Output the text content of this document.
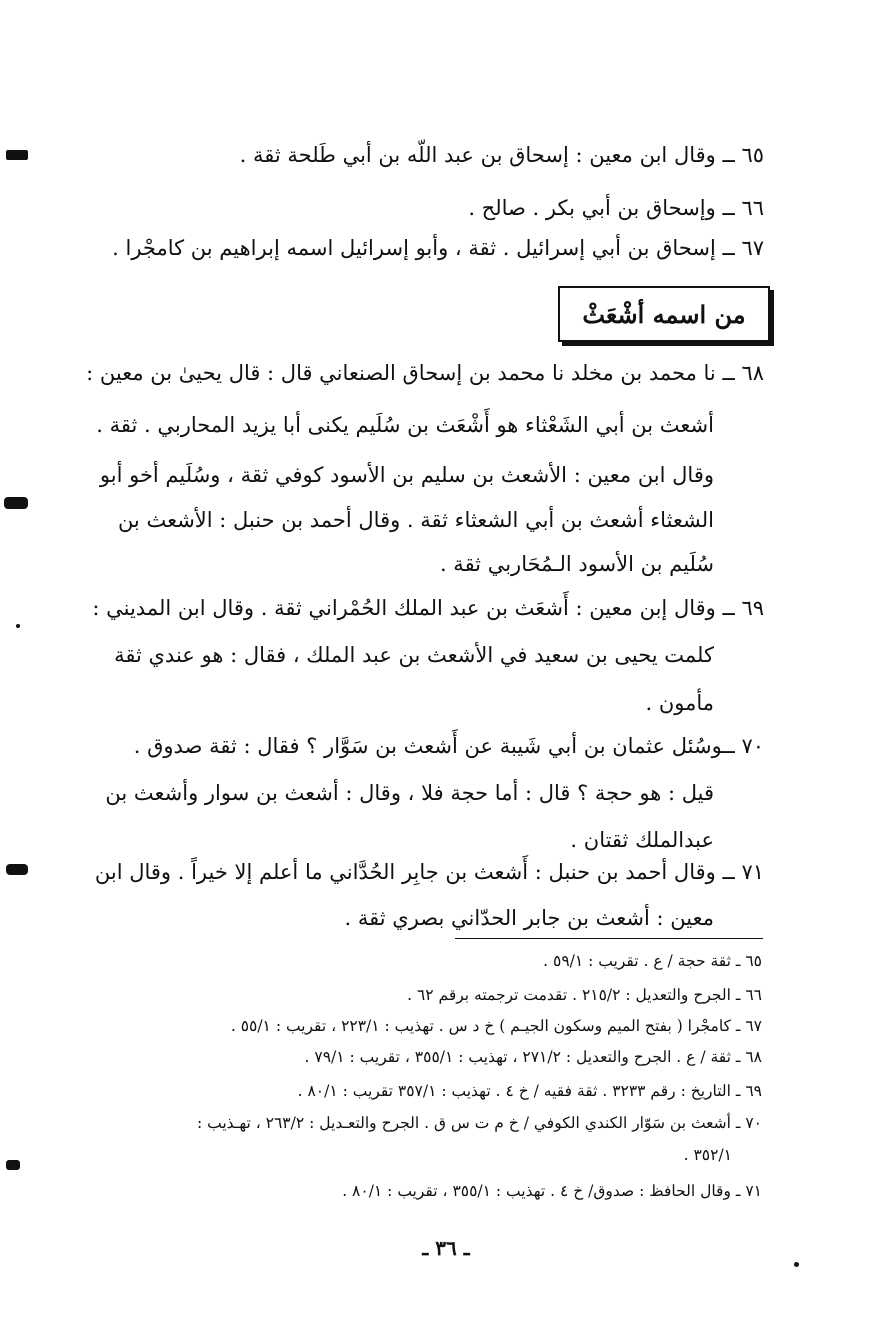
٦٥ ــ وقال ابن معين : إسحاق بن عبد اللّه بن أبي طَلحة ثقة .
٦٦ ــ وإسحاق بن أبي بكر . صالح .
٦٧ ــ إسحاق بن أبي إسرائيل . ثقة ، وأبو إسرائيل اسمه إبراهيم بن كامجْرا .
من اسمه أشْعَثْ
٦٨ ــ نا محمد بن مخلد نا محمد بن إسحاق الصنعاني قال : قال يحيىٰ بن معين :
أشعث بن أبي الشَعْثاء هو أَشْعَث بن سُلَيم يكنى أبا يزيد المحاربي . ثقة .
وقال ابن معين : الأشعث بن سليم بن الأسود كوفي ثقة ، وسُلَيم أخو أبو
الشعثاء أشعث بن أبي الشعثاء ثقة . وقال أحمد بن حنبل : الأشعث بن
سُلَيم بن الأسود الـمُحَاربي ثقة .
٦٩ ــ وقال إبن معين : أَشعَث بن عبد الملك الحُمْراني ثقة . وقال ابن المديني :
كلمت يحيى بن سعيد في الأشعث بن عبد الملك ، فقال : هو عندي ثقة
مأمون .
٧٠ ــوسُئل عثمان بن أبي شَيبة عن أَشعث بن سَوَّار ؟ فقال : ثقة صدوق .
قيل : هو حجة ؟ قال : أما حجة فلا ، وقال : أشعث بن سوار وأشعث بن
عبدالملك ثقتان .
٧١ ــ وقال أحمد بن حنبل : أَشعث بن جابِر الحُدَّاني ما أعلم إلا خيراً . وقال ابن
معين : أشعث بن جابر الحدّاني بصري ثقة .
٦٥ ـ ثقة حجة / ع . تقريب : ٥٩/١ .
٦٦ ـ الجرح والتعديل : ٢١٥/٢ . تقدمت ترجمته برقم ٦٢ .
٦٧ ـ كامجْرا ( بفتح الميم وسكون الجيـم ) خ د س . تهذيب : ٢٢٣/١ ، تقريب : ٥٥/١ .
٦٨ ـ ثقة / ع . الجرح والتعديل : ٢٧١/٢ ، تهذيب : ٣٥٥/١ ، تقريب : ٧٩/١ .
٦٩ ـ التاريخ : رقم ٣٢٣٣ . ثقة فقيه / خ ٤ . تهذيب : ٣٥٧/١ تقريب : ٨٠/١ .
٧٠ ـ أشعث بن سَوّار الكندي الكوفي / خ م ت س ق . الجرح والتعـديل : ٢٦٣/٢ ، تهـذيب :
٣٥٢/١ .
٧١ ـ وقال الحافظ : صدوق/ خ ٤ . تهذيب : ٣٥٥/١ ، تقريب : ٨٠/١ .
ـ ٣٦ ـ
